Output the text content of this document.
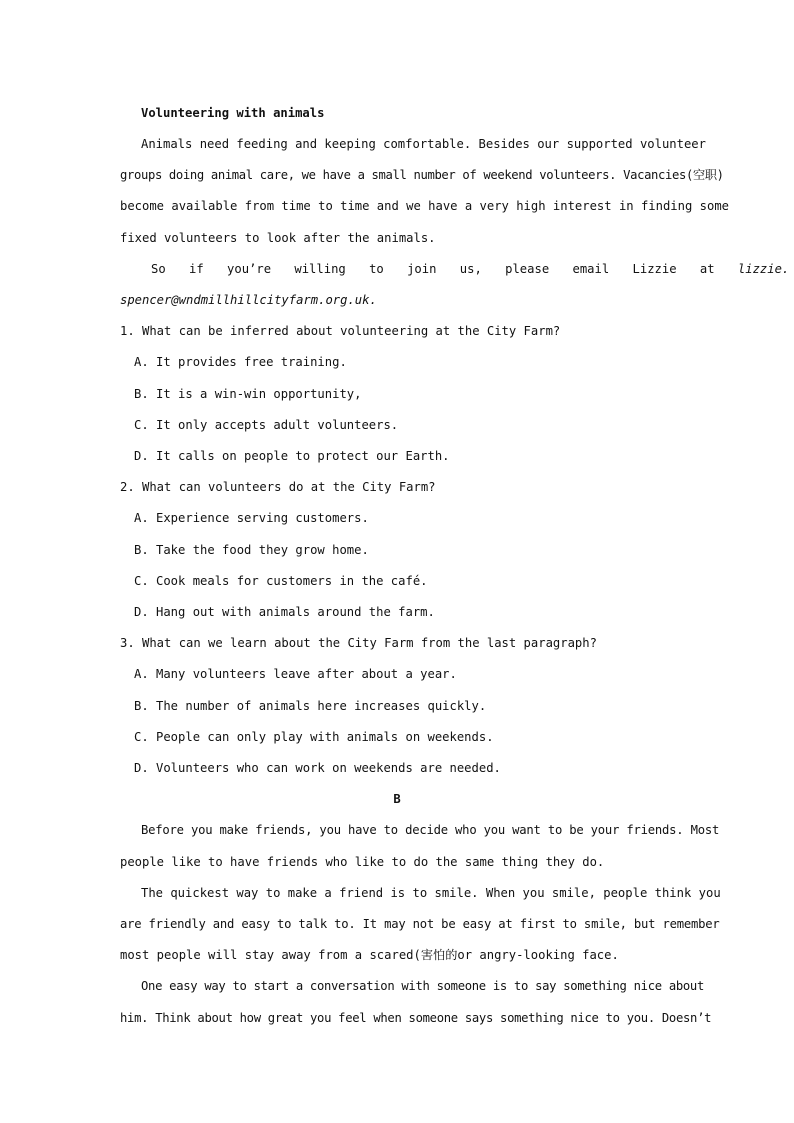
Volunteering with animals
Animals need feeding and keeping comfortable. Besides our supported volunteer
groups doing animal care, we have a small number of weekend volunteers. Vacancies(空职)
become available from time to time and we have a very high interest in finding some
fixed volunteers to look after the animals.
So if you’re willing to join us, please email Lizzie at lizzie.
spencer@wndmillhillcityfarm.org.uk.
1. What can be inferred about volunteering at the City Farm?
A. It provides free training.
B. It is a win-win opportunity,
C. It only accepts adult volunteers.
D. It calls on people to protect our Earth.
2. What can volunteers do at the City Farm?
A. Experience serving customers.
B. Take the food they grow home.
C. Cook meals for customers in the café.
D. Hang out with animals around the farm.
3. What can we learn about the City Farm from the last paragraph?
A. Many volunteers leave after about a year.
B. The number of animals here increases quickly.
C. People can only play with animals on weekends.
D. Volunteers who can work on weekends are needed.
B
Before you make friends, you have to decide who you want to be your friends. Most
people like to have friends who like to do the same thing they do.
The quickest way to make a friend is to smile. When you smile, people think you
are friendly and easy to talk to. It may not be easy at first to smile, but remember
most people will stay away from a scared(害怕的or angry-looking face.
One easy way to start a conversation with someone is to say something nice about
him. Think about how great you feel when someone says something nice to you. Doesn’t
